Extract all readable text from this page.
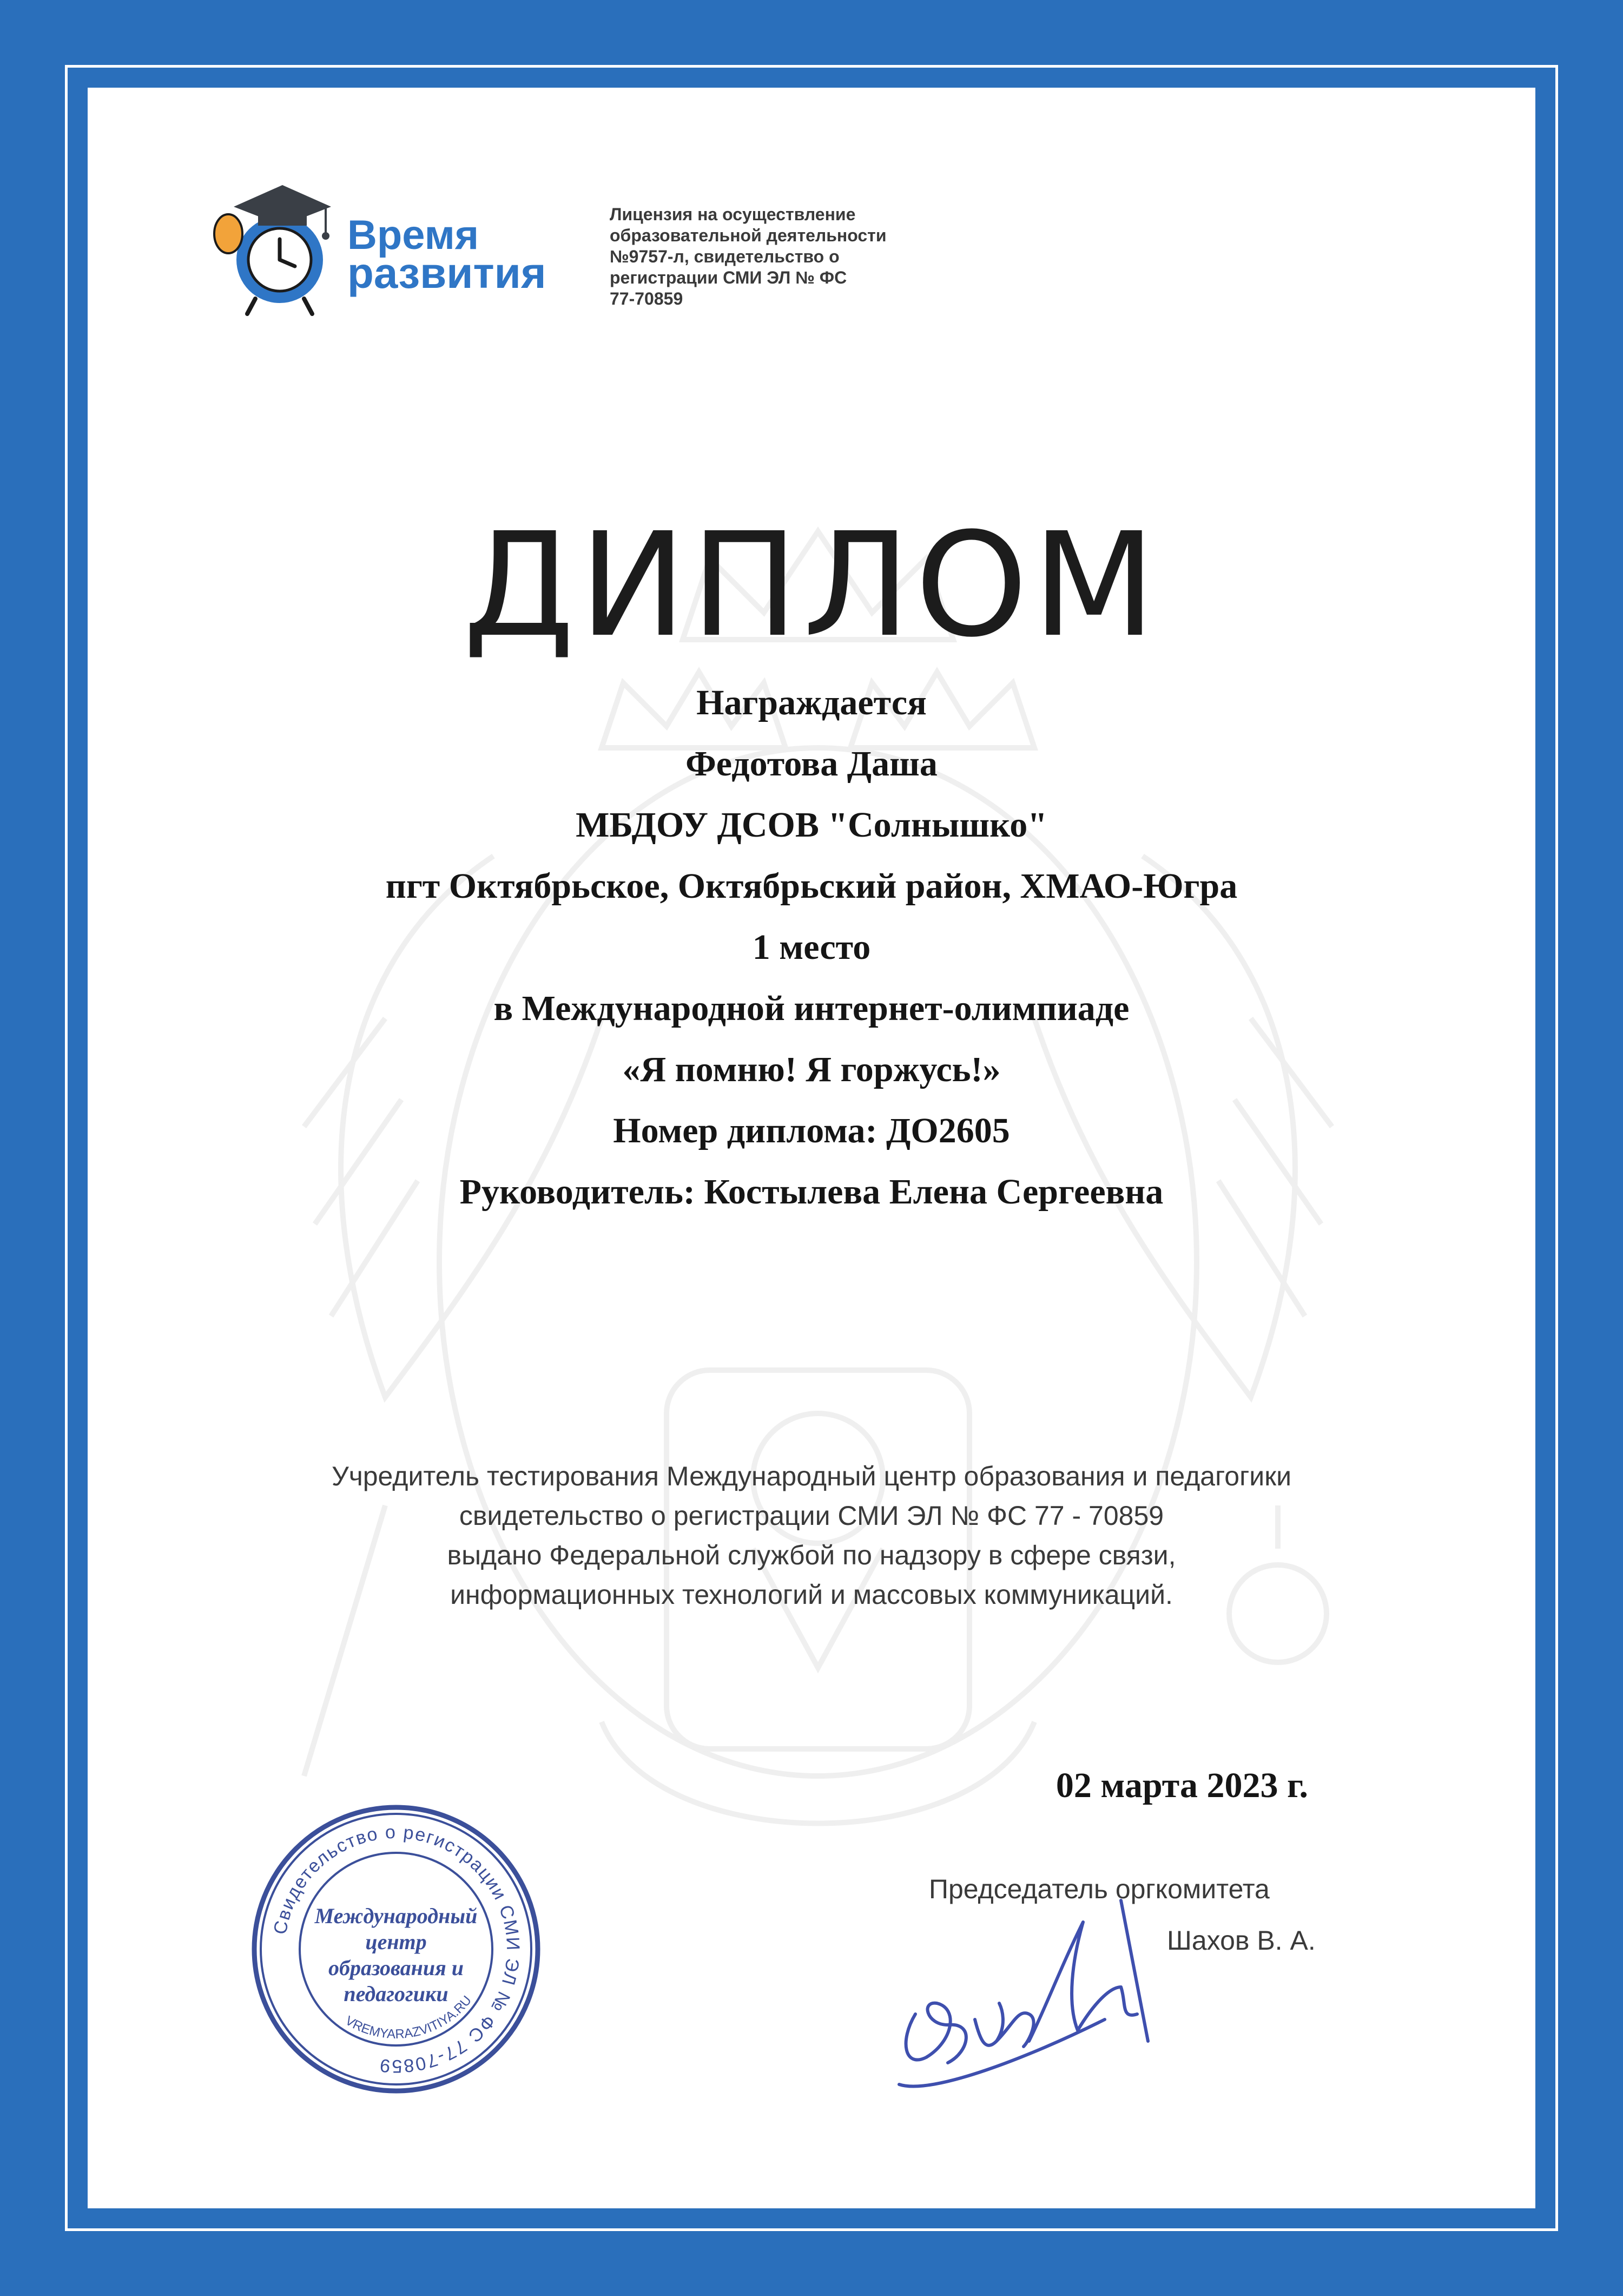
Время
развития
Лицензия на осуществление
образовательной деятельности
№9757-л, свидетельство о
регистрации СМИ ЭЛ № ФС
77-70859
ДИПЛОМ
Награждается
Федотова Даша
МБДОУ ДСОВ "Солнышко"
пгт Октябрьское, Октябрьский район, ХМАО-Югра
1 место
в Международной интернет-олимпиаде
«Я помню! Я горжусь!»
Номер диплома: ДО2605
Руководитель: Костылева Елена Сергеевна
Учредитель тестирования Международный центр образования и педагогики
свидетельство о регистрации СМИ ЭЛ № ФС 77 - 70859
выдано Федеральной службой по надзору в сфере связи,
информационных технологий и массовых коммуникаций.
02 марта 2023 г.
Председатель оргкомитета
Шахов В. А.
Свидетельство о регистрации СМИ ЭЛ № ФС 77-70859
VREMYARAZVITIYA.RU
Международный
центр
образования и
педагогики
